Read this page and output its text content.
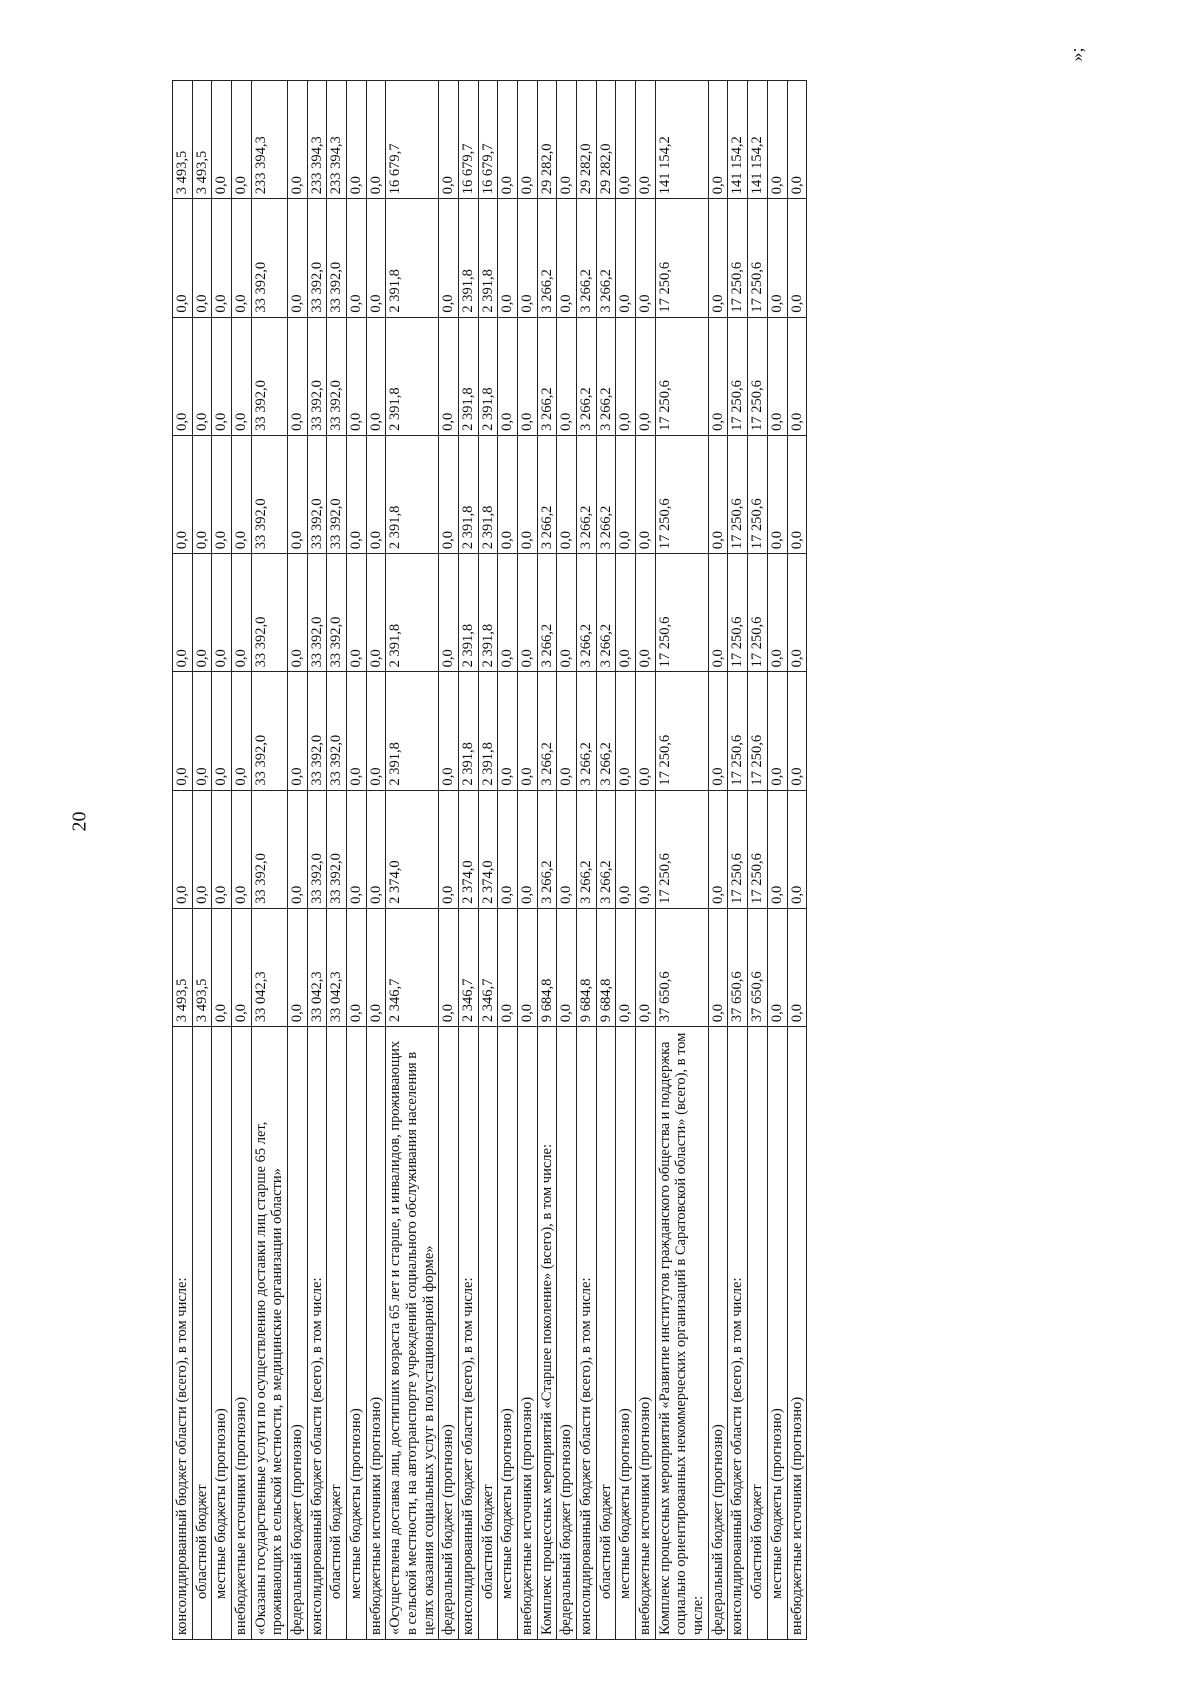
20
»;
консолидированный бюджет области (всего), в том числе:	3 493,5	0,0	0,0	0,0	0,0	0,0	0,0	3 493,5
областной бюджет	3 493,5	0,0	0,0	0,0	0,0	0,0	0,0	3 493,5
местные бюджеты (прогнозно)	0,0	0,0	0,0	0,0	0,0	0,0	0,0	0,0
внебюджетные источники (прогнозно)	0,0	0,0	0,0	0,0	0,0	0,0	0,0	0,0
«Оказаны государственные услуги по осуществлению доставки лиц старше 65 лет, проживающих в сельской местности, в медицинские организации области»	33 042,3	33 392,0	33 392,0	33 392,0	33 392,0	33 392,0	33 392,0	233 394,3
федеральный бюджет (прогнозно)	0,0	0,0	0,0	0,0	0,0	0,0	0,0	0,0
консолидированный бюджет области (всего), в том числе:	33 042,3	33 392,0	33 392,0	33 392,0	33 392,0	33 392,0	33 392,0	233 394,3
областной бюджет	33 042,3	33 392,0	33 392,0	33 392,0	33 392,0	33 392,0	33 392,0	233 394,3
местные бюджеты (прогнозно)	0,0	0,0	0,0	0,0	0,0	0,0	0,0	0,0
внебюджетные источники (прогнозно)	0,0	0,0	0,0	0,0	0,0	0,0	0,0	0,0
«Осуществлена доставка лиц, достигших возраста 65 лет и старше, и инвалидов, проживающих в сельской местности, на автотранспорте учреждений социального обслуживания населения в целях оказания социальных услуг в полустационарной форме»	2 346,7	2 374,0	2 391,8	2 391,8	2 391,8	2 391,8	2 391,8	16 679,7
федеральный бюджет (прогнозно)	0,0	0,0	0,0	0,0	0,0	0,0	0,0	0,0
консолидированный бюджет области (всего), в том числе:	2 346,7	2 374,0	2 391,8	2 391,8	2 391,8	2 391,8	2 391,8	16 679,7
областной бюджет	2 346,7	2 374,0	2 391,8	2 391,8	2 391,8	2 391,8	2 391,8	16 679,7
местные бюджеты (прогнозно)	0,0	0,0	0,0	0,0	0,0	0,0	0,0	0,0
внебюджетные источники (прогнозно)	0,0	0,0	0,0	0,0	0,0	0,0	0,0	0,0
Комплекс процессных мероприятий «Старшее поколение» (всего), в том числе:	9 684,8	3 266,2	3 266,2	3 266,2	3 266,2	3 266,2	3 266,2	29 282,0
федеральный бюджет (прогнозно)	0,0	0,0	0,0	0,0	0,0	0,0	0,0	0,0
консолидированный бюджет области (всего), в том числе:	9 684,8	3 266,2	3 266,2	3 266,2	3 266,2	3 266,2	3 266,2	29 282,0
областной бюджет	9 684,8	3 266,2	3 266,2	3 266,2	3 266,2	3 266,2	3 266,2	29 282,0
местные бюджеты (прогнозно)	0,0	0,0	0,0	0,0	0,0	0,0	0,0	0,0
внебюджетные источники (прогнозно)	0,0	0,0	0,0	0,0	0,0	0,0	0,0	0,0
Комплекс процессных мероприятий «Развитие институтов гражданского общества и поддержка социально ориентированных некоммерческих организаций в Саратовской области» (всего), в том числе:	37 650,6	17 250,6	17 250,6	17 250,6	17 250,6	17 250,6	17 250,6	141 154,2
федеральный бюджет (прогнозно)	0,0	0,0	0,0	0,0	0,0	0,0	0,0	0,0
консолидированный бюджет области (всего), в том числе:	37 650,6	17 250,6	17 250,6	17 250,6	17 250,6	17 250,6	17 250,6	141 154,2
областной бюджет	37 650,6	17 250,6	17 250,6	17 250,6	17 250,6	17 250,6	17 250,6	141 154,2
местные бюджеты (прогнозно)	0,0	0,0	0,0	0,0	0,0	0,0	0,0	0,0
внебюджетные источники (прогнозно)	0,0	0,0	0,0	0,0	0,0	0,0	0,0	0,0
